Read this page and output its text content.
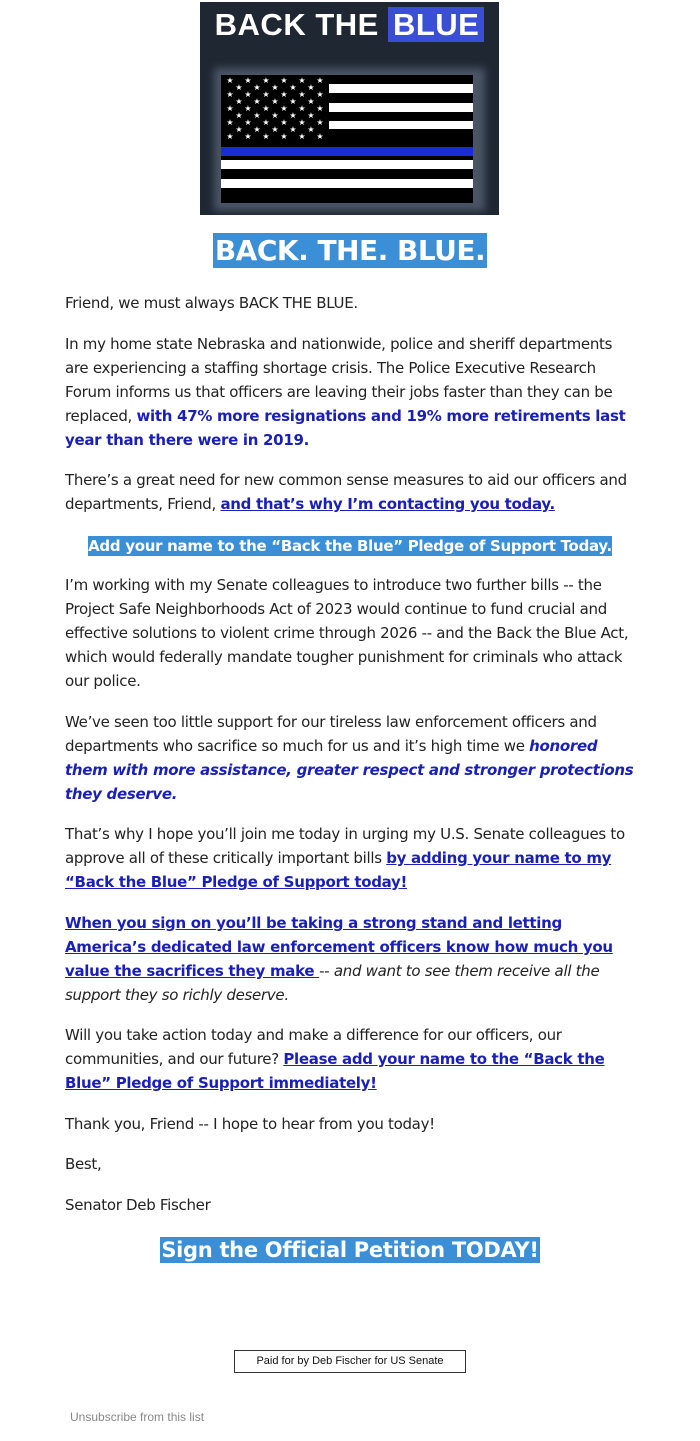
BACK THE BLUE
★ ★ ★ ★ ★ ★
★ ★ ★ ★ ★
★ ★ ★ ★ ★ ★
★ ★ ★ ★ ★
★ ★ ★ ★ ★ ★
★ ★ ★ ★ ★
★ ★ ★ ★ ★ ★
★ ★ ★ ★ ★
★ ★ ★ ★ ★ ★
BACK. THE. BLUE.

Friend, we must always BACK THE BLUE.

In my home state Nebraska and nationwide, police and sheriff departments are experiencing a staffing shortage crisis. The Police Executive Research Forum informs us that officers are leaving their jobs faster than they can be replaced, with 47% more resignations and 19% more retirements last year than there were in 2019.

There’s a great need for new common sense measures to aid our officers and departments, Friend, and that’s why I’m contacting you today.

Add your name to the “Back the Blue” Pledge of Support Today.

I’m working with my Senate colleagues to introduce two further bills -- the Project Safe Neighborhoods Act of 2023 would continue to fund crucial and effective solutions to violent crime through 2026 -- and the Back the Blue Act, which would federally mandate tougher punishment for criminals who attack our police.

We’ve seen too little support for our tireless law enforcement officers and departments who sacrifice so much for us and it’s high time we honored them with more assistance, greater respect and stronger protections they deserve.

That’s why I hope you’ll join me today in urging my U.S. Senate colleagues to approve all of these critically important bills by adding your name to my “Back the Blue” Pledge of Support today!

When you sign on you’ll be taking a strong stand and letting America’s dedicated law enforcement officers know how much you value the sacrifices they make -- and want to see them receive all the support they so richly deserve.

Will you take action today and make a difference for our officers, our communities, and our future? Please add your name to the “Back the Blue” Pledge of Support immediately!

Thank you, Friend -- I hope to hear from you today!

Best,

Senator Deb Fischer

Sign the Official Petition TODAY!
Paid for by Deb Fischer for US Senate
Unsubscribe from this list
